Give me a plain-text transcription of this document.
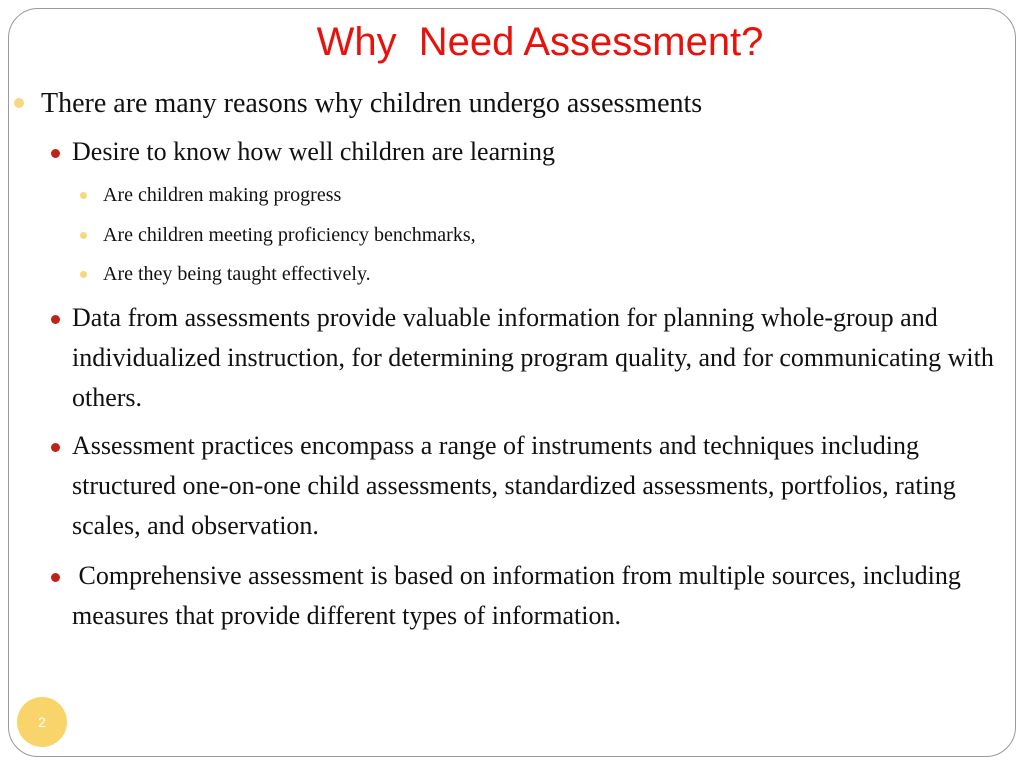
Why  Need Assessment?
There are many reasons why children undergo assessments
Desire to know how well children are learning
Are children making progress
Are children meeting proficiency benchmarks,
Are they being taught effectively.
Data from assessments provide valuable information for planning whole-group and individualized instruction, for determining program quality, and for communicating with others.
Assessment practices encompass a range of instruments and techniques including structured one-on-one child assessments, standardized assessments, portfolios, rating scales, and observation.
Comprehensive assessment is based on information from multiple sources, including measures that provide different types of information.
2
